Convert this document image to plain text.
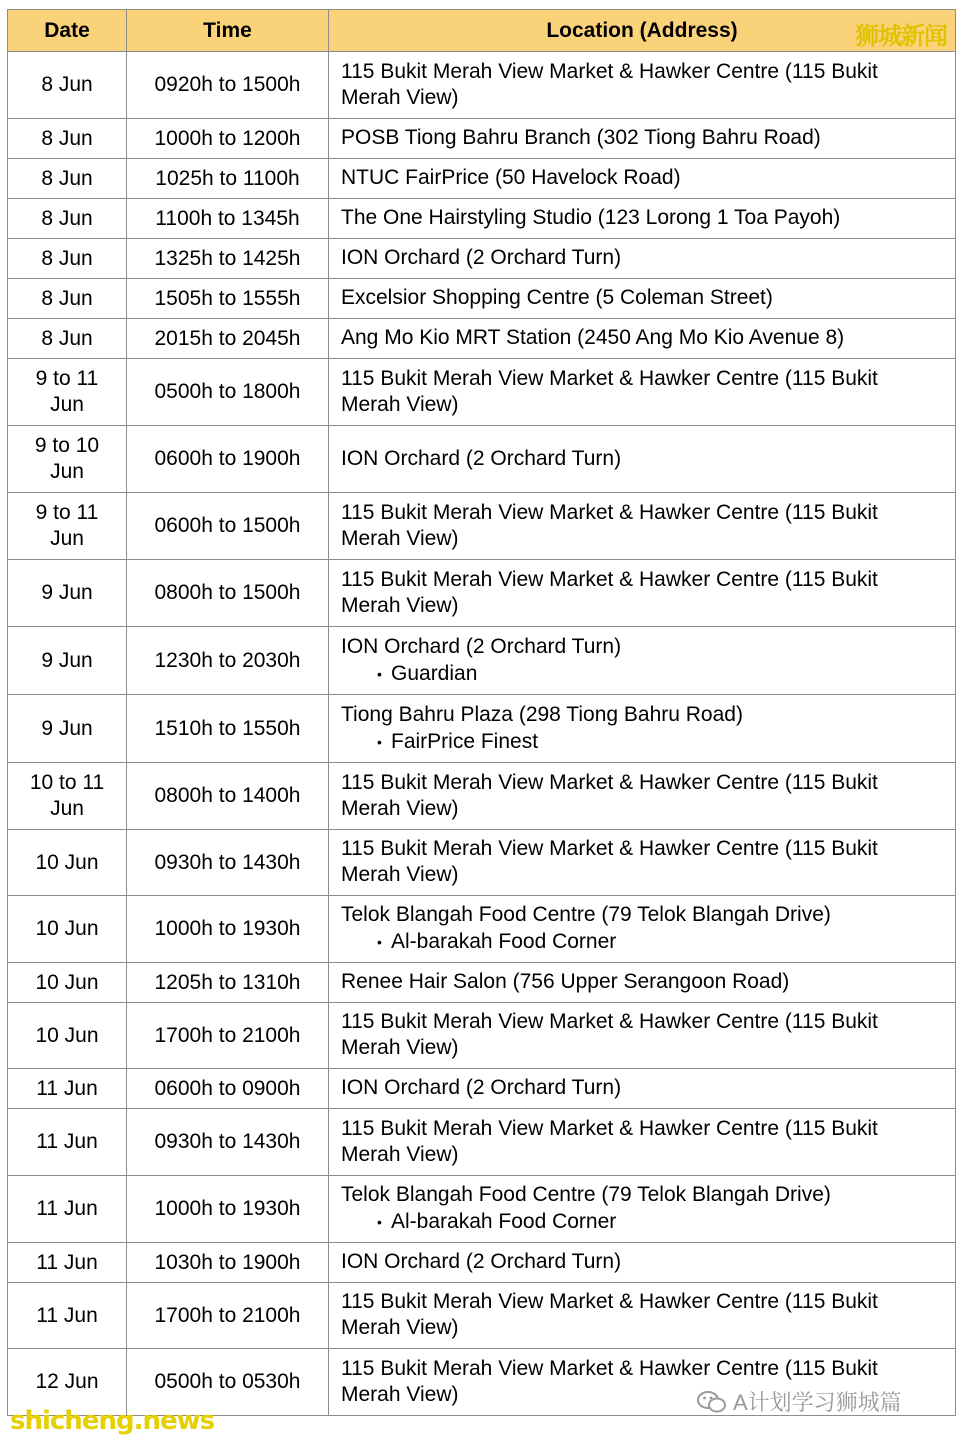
Date	Time	Location (Address) 狮城新闻

8 Jun	0920h to 1500h	115 Bukit Merah View Market & Hawker Centre (115 Bukit Merah View)

8 Jun	1000h to 1200h	POSB Tiong Bahru Branch (302 Tiong Bahru Road)

8 Jun	1025h to 1100h	NTUC FairPrice (50 Havelock Road)

8 Jun	1100h to 1345h	The One Hairstyling Studio (123 Lorong 1 Toa Payoh)

8 Jun	1325h to 1425h	ION Orchard (2 Orchard Turn)

8 Jun	1505h to 1555h	Excelsior Shopping Centre (5 Coleman Street)

8 Jun	2015h to 2045h	Ang Mo Kio MRT Station (2450 Ang Mo Kio Avenue 8)

9 to 11 Jun	0500h to 1800h	115 Bukit Merah View Market & Hawker Centre (115 Bukit Merah View)

9 to 10 Jun	0600h to 1900h	ION Orchard (2 Orchard Turn)

9 to 11 Jun	0600h to 1500h	115 Bukit Merah View Market & Hawker Centre (115 Bukit Merah View)

9 Jun	0800h to 1500h	115 Bukit Merah View Market & Hawker Centre (115 Bukit Merah View)

9 Jun	1230h to 2030h	ION Orchard (2 Orchard Turn)
• Guardian

9 Jun	1510h to 1550h	Tiong Bahru Plaza (298 Tiong Bahru Road)
• FairPrice Finest

10 to 11 Jun	0800h to 1400h	115 Bukit Merah View Market & Hawker Centre (115 Bukit Merah View)

10 Jun	0930h to 1430h	115 Bukit Merah View Market & Hawker Centre (115 Bukit Merah View)

10 Jun	1000h to 1930h	Telok Blangah Food Centre (79 Telok Blangah Drive)
• Al-barakah Food Corner

10 Jun	1205h to 1310h	Renee Hair Salon (756 Upper Serangoon Road)

10 Jun	1700h to 2100h	115 Bukit Merah View Market & Hawker Centre (115 Bukit Merah View)

11 Jun	0600h to 0900h	ION Orchard (2 Orchard Turn)

11 Jun	0930h to 1430h	115 Bukit Merah View Market & Hawker Centre (115 Bukit Merah View)

11 Jun	1000h to 1930h	Telok Blangah Food Centre (79 Telok Blangah Drive)
• Al-barakah Food Corner

11 Jun	1030h to 1900h	ION Orchard (2 Orchard Turn)

11 Jun	1700h to 2100h	115 Bukit Merah View Market & Hawker Centre (115 Bukit Merah View)

12 Jun	0500h to 0530h	115 Bukit Merah View Market & Hawker Centre (115 Bukit Merah View)
shicheng.news
A计划学习狮城篇
